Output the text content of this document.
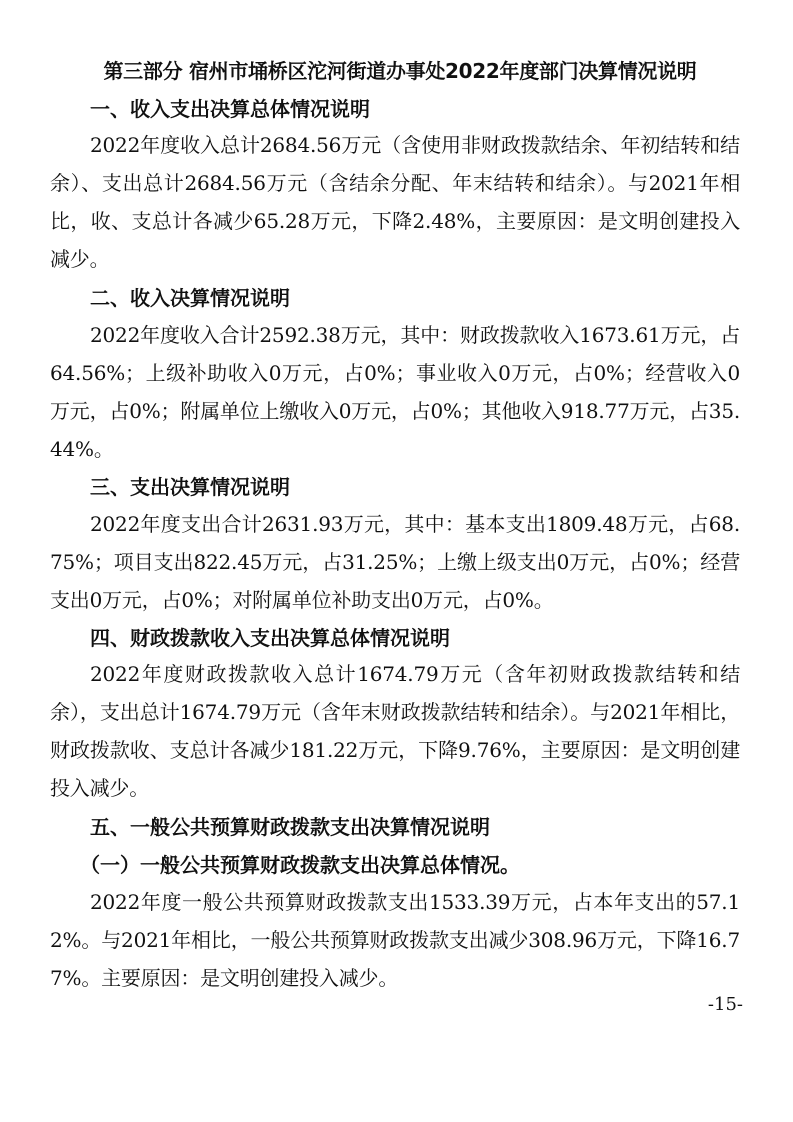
第三部分 宿州市埇桥区沱河街道办事处2022年度部门决算情况说明
一、收入支出决算总体情况说明
2022年度收入总计2684.56万元（含使用非财政拨款结余、年初结转和结余）、支出总计2684.56万元（含结余分配、年末结转和结余）。与2021年相比，收、支总计各减少65.28万元，下降2.48%，主要原因：是文明创建投入减少。
二、收入决算情况说明
2022年度收入合计2592.38万元，其中：财政拨款收入1673.61万元，占64.56%；上级补助收入0万元，占0%；事业收入0万元，占0%；经营收入0万元，占0%；附属单位上缴收入0万元，占0%；其他收入918.77万元，占35.44%。
三、支出决算情况说明
2022年度支出合计2631.93万元，其中：基本支出1809.48万元，占68.75%；项目支出822.45万元，占31.25%；上缴上级支出0万元，占0%；经营支出0万元，占0%；对附属单位补助支出0万元，占0%。
四、财政拨款收入支出决算总体情况说明
2022年度财政拨款收入总计1674.79万元（含年初财政拨款结转和结余），支出总计1674.79万元（含年末财政拨款结转和结余）。与2021年相比，财政拨款收、支总计各减少181.22万元，下降9.76%，主要原因：是文明创建投入减少。
五、一般公共预算财政拨款支出决算情况说明
（一）一般公共预算财政拨款支出决算总体情况。
2022年度一般公共预算财政拨款支出1533.39万元，占本年支出的57.12%。与2021年相比，一般公共预算财政拨款支出减少308.96万元，下降16.77%。主要原因：是文明创建投入减少。
-15-
